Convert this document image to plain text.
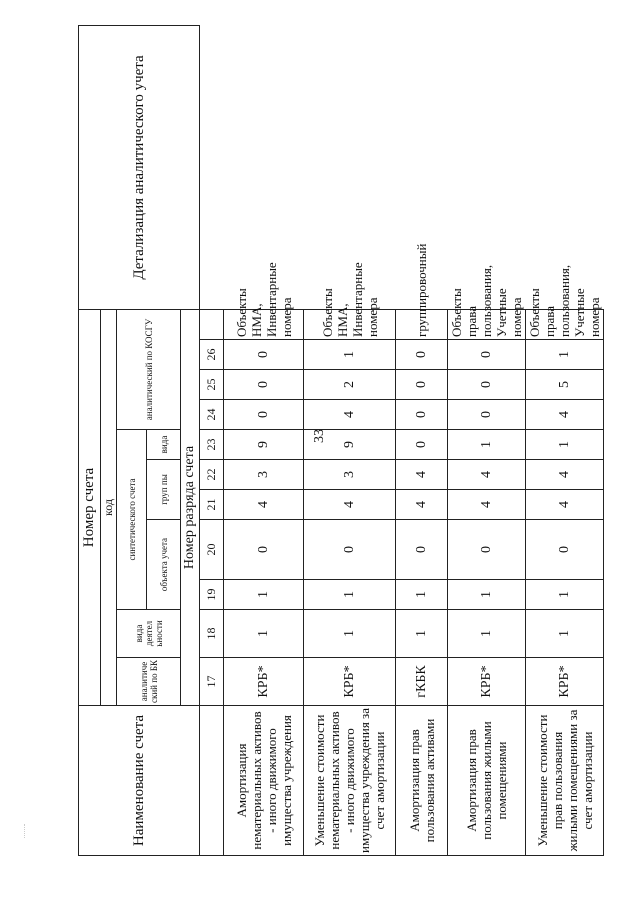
33
Наименование счета	Номер счета											Детализация аналитического учета
	код											
	аналитиче ский по БК	вида деятел ьности	синтетического счета					аналитический по КОСГУ				
			объекта учета		груп пы		вида					
	Номер разряда счета											
	17	18	19	20	21	22	23	24	25	26		
Амортизация нематериальных активов - иного движимого имущества учреждения	КРБ*	1	1	0	4	3	9	0	0	0	Объекты НМА, Инвентарные номера	
Уменьшение стоимости нематериальных активов - иного движимого имущества учреждения за счет амортизации	КРБ*	1	1	0	4	3	9	4	2	1	Объекты НМА, Инвентарные номера	
Амортизация прав пользования активами	гКБК	1	1	0	4	4	0	0	0	0	группировочный	
Амортизация прав пользования жилыми помещениями	КРБ*	1	1	0	4	4	1	0	0	0	Объекты права пользования, Учетные номера	
Уменьшение стоимости прав пользования жилыми помещениями за счет амортизации	КРБ*	1	1	0	4	4	1	4	5	1	Объекты права пользования, Учетные номера	
